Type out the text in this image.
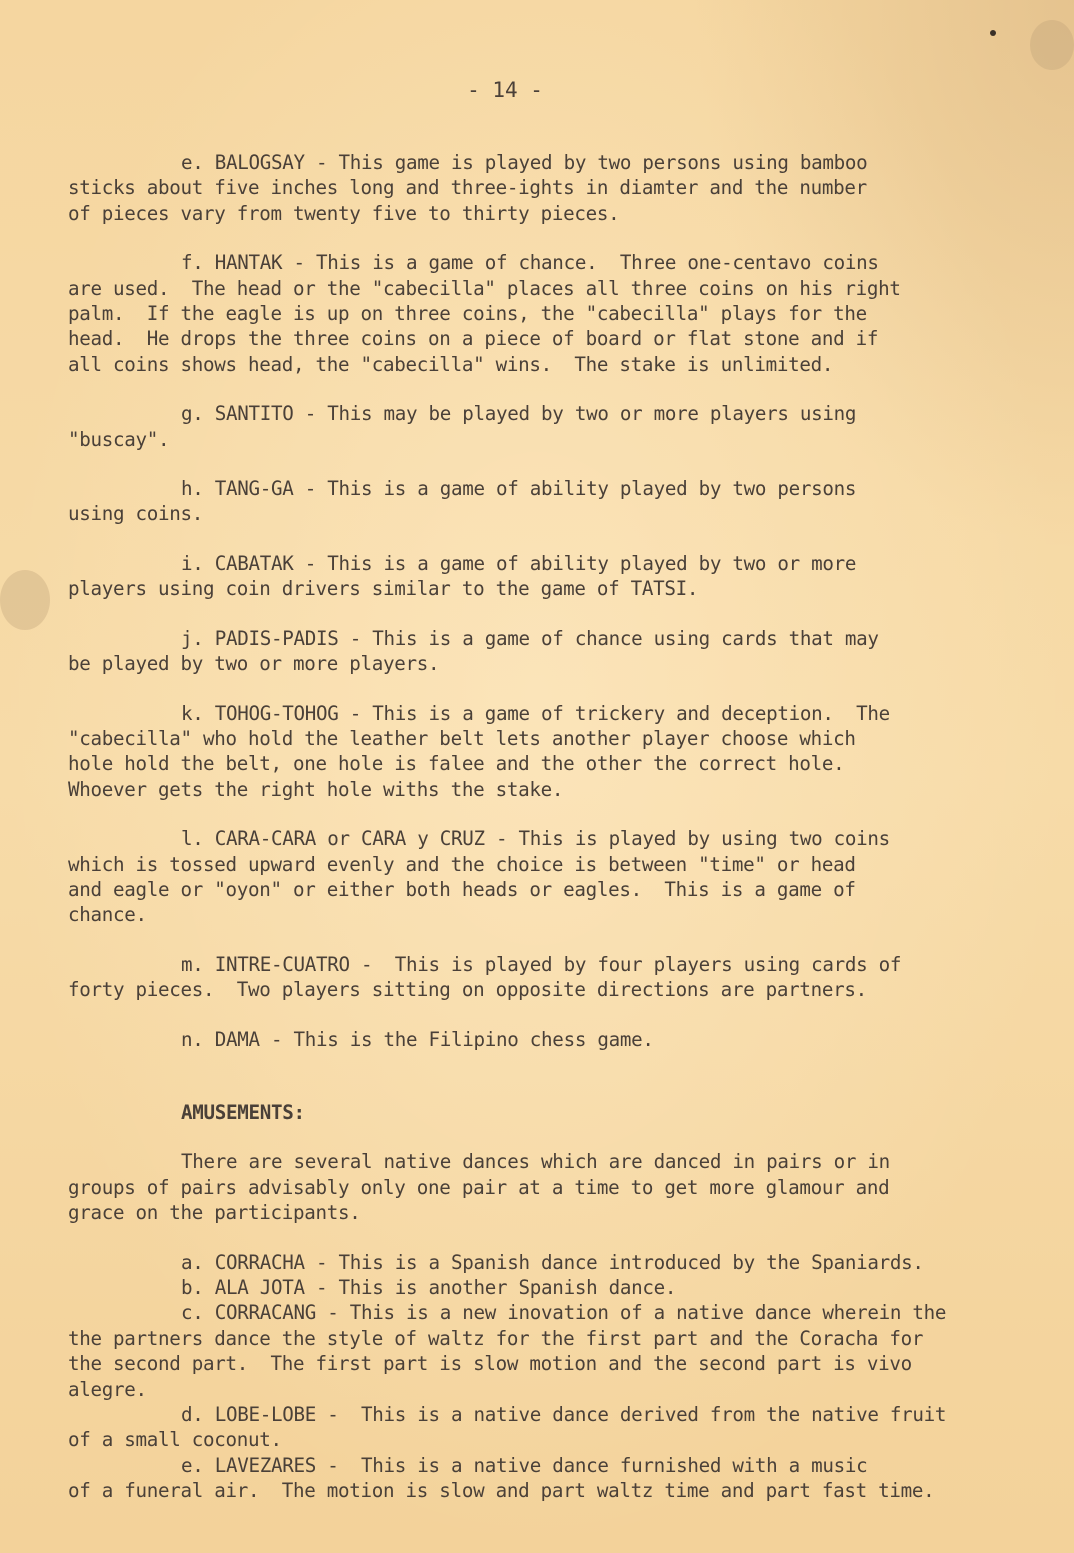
- 14 -

e. BALOGSAY - This game is played by two persons using bamboo
sticks about five inches long and three-ights in diamter and the number
of pieces vary from twenty five to thirty pieces.

f. HANTAK - This is a game of chance.  Three one-centavo coins
are used.  The head or the "cabecilla" places all three coins on his right
palm.  If the eagle is up on three coins, the "cabecilla" plays for the
head.  He drops the three coins on a piece of board or flat stone and if
all coins shows head, the "cabecilla" wins.  The stake is unlimited.

g. SANTITO - This may be played by two or more players using
"buscay".

h. TANG-GA - This is a game of ability played by two persons
using coins.

i. CABATAK - This is a game of ability played by two or more
players using coin drivers similar to the game of TATSI.

j. PADIS-PADIS - This is a game of chance using cards that may
be played by two or more players.

k. TOHOG-TOHOG - This is a game of trickery and deception.  The
"cabecilla" who hold the leather belt lets another player choose which
hole hold the belt, one hole is falee and the other the correct hole.
Whoever gets the right hole withs the stake.

l. CARA-CARA or CARA y CRUZ - This is played by using two coins
which is tossed upward evenly and the choice is between "time" or head
and eagle or "oyon" or either both heads or eagles.  This is a game of
chance.

m. INTRE-CUATRO -  This is played by four players using cards of
forty pieces.  Two players sitting on opposite directions are partners.

n. DAMA - This is the Filipino chess game.

AMUSEMENTS:

There are several native dances which are danced in pairs or in
groups of pairs advisably only one pair at a time to get more glamour and
grace on the participants.

a. CORRACHA - This is a Spanish dance introduced by the Spaniards.

b. ALA JOTA - This is another Spanish dance.

c. CORRACANG - This is a new inovation of a native dance wherein the
the partners dance the style of waltz for the first part and the Coracha for
the second part.  The first part is slow motion and the second part is vivo
alegre.

d. LOBE-LOBE -  This is a native dance derived from the native fruit
of a small coconut.

e. LAVEZARES -  This is a native dance furnished with a music
of a funeral air.  The motion is slow and part waltz time and part fast time.
